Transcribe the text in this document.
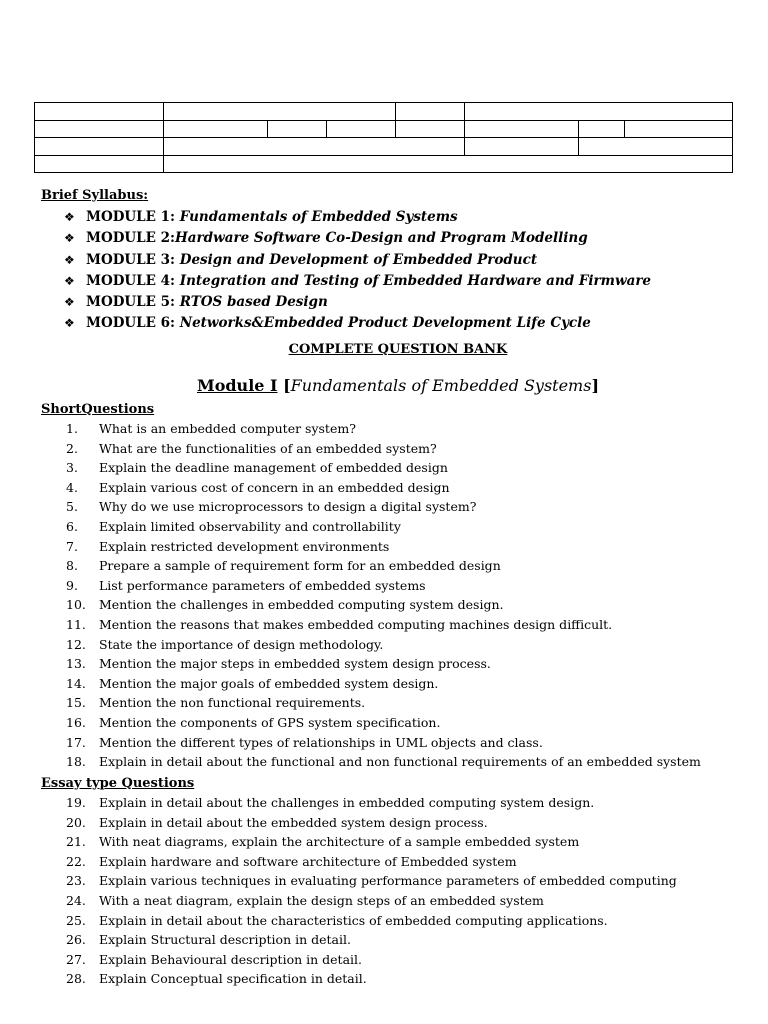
Brief Syllabus:
❖ MODULE 1: Fundamentals of Embedded Systems
❖ MODULE 2:Hardware Software Co-Design and Program Modelling
❖ MODULE 3: Design and Development of Embedded Product
❖ MODULE 4: Integration and Testing of Embedded Hardware and Firmware
❖ MODULE 5: RTOS based Design
❖ MODULE 6: Networks&Embedded Product Development Life Cycle
COMPLETE QUESTION BANK
Module I [Fundamentals of Embedded Systems]
ShortQuestions
1. What is an embedded computer system?
2. What are the functionalities of an embedded system?
3. Explain the deadline management of embedded design
4. Explain various cost of concern in an embedded design
5. Why do we use microprocessors to design a digital system?
6. Explain limited observability and controllability
7. Explain restricted development environments
8. Prepare a sample of requirement form for an embedded design
9. List performance parameters of embedded systems
10. Mention the challenges in embedded computing system design.
11. Mention the reasons that makes embedded computing machines design difficult.
12. State the importance of design methodology.
13. Mention the major steps in embedded system design process.
14. Mention the major goals of embedded system design.
15. Mention the non functional requirements.
16. Mention the components of GPS system specification.
17. Mention the different types of relationships in UML objects and class.
18. Explain in detail about the functional and non functional requirements of an embedded system
Essay type Questions
19. Explain in detail about the challenges in embedded computing system design.
20. Explain in detail about the embedded system design process.
21. With neat diagrams, explain the architecture of a sample embedded system
22. Explain hardware and software architecture of Embedded system
23. Explain various techniques in evaluating performance parameters of embedded computing
24. With a neat diagram, explain the design steps of an embedded system
25. Explain in detail about the characteristics of embedded computing applications.
26. Explain Structural description in detail.
27. Explain Behavioural description in detail.
28. Explain Conceptual specification in detail.
